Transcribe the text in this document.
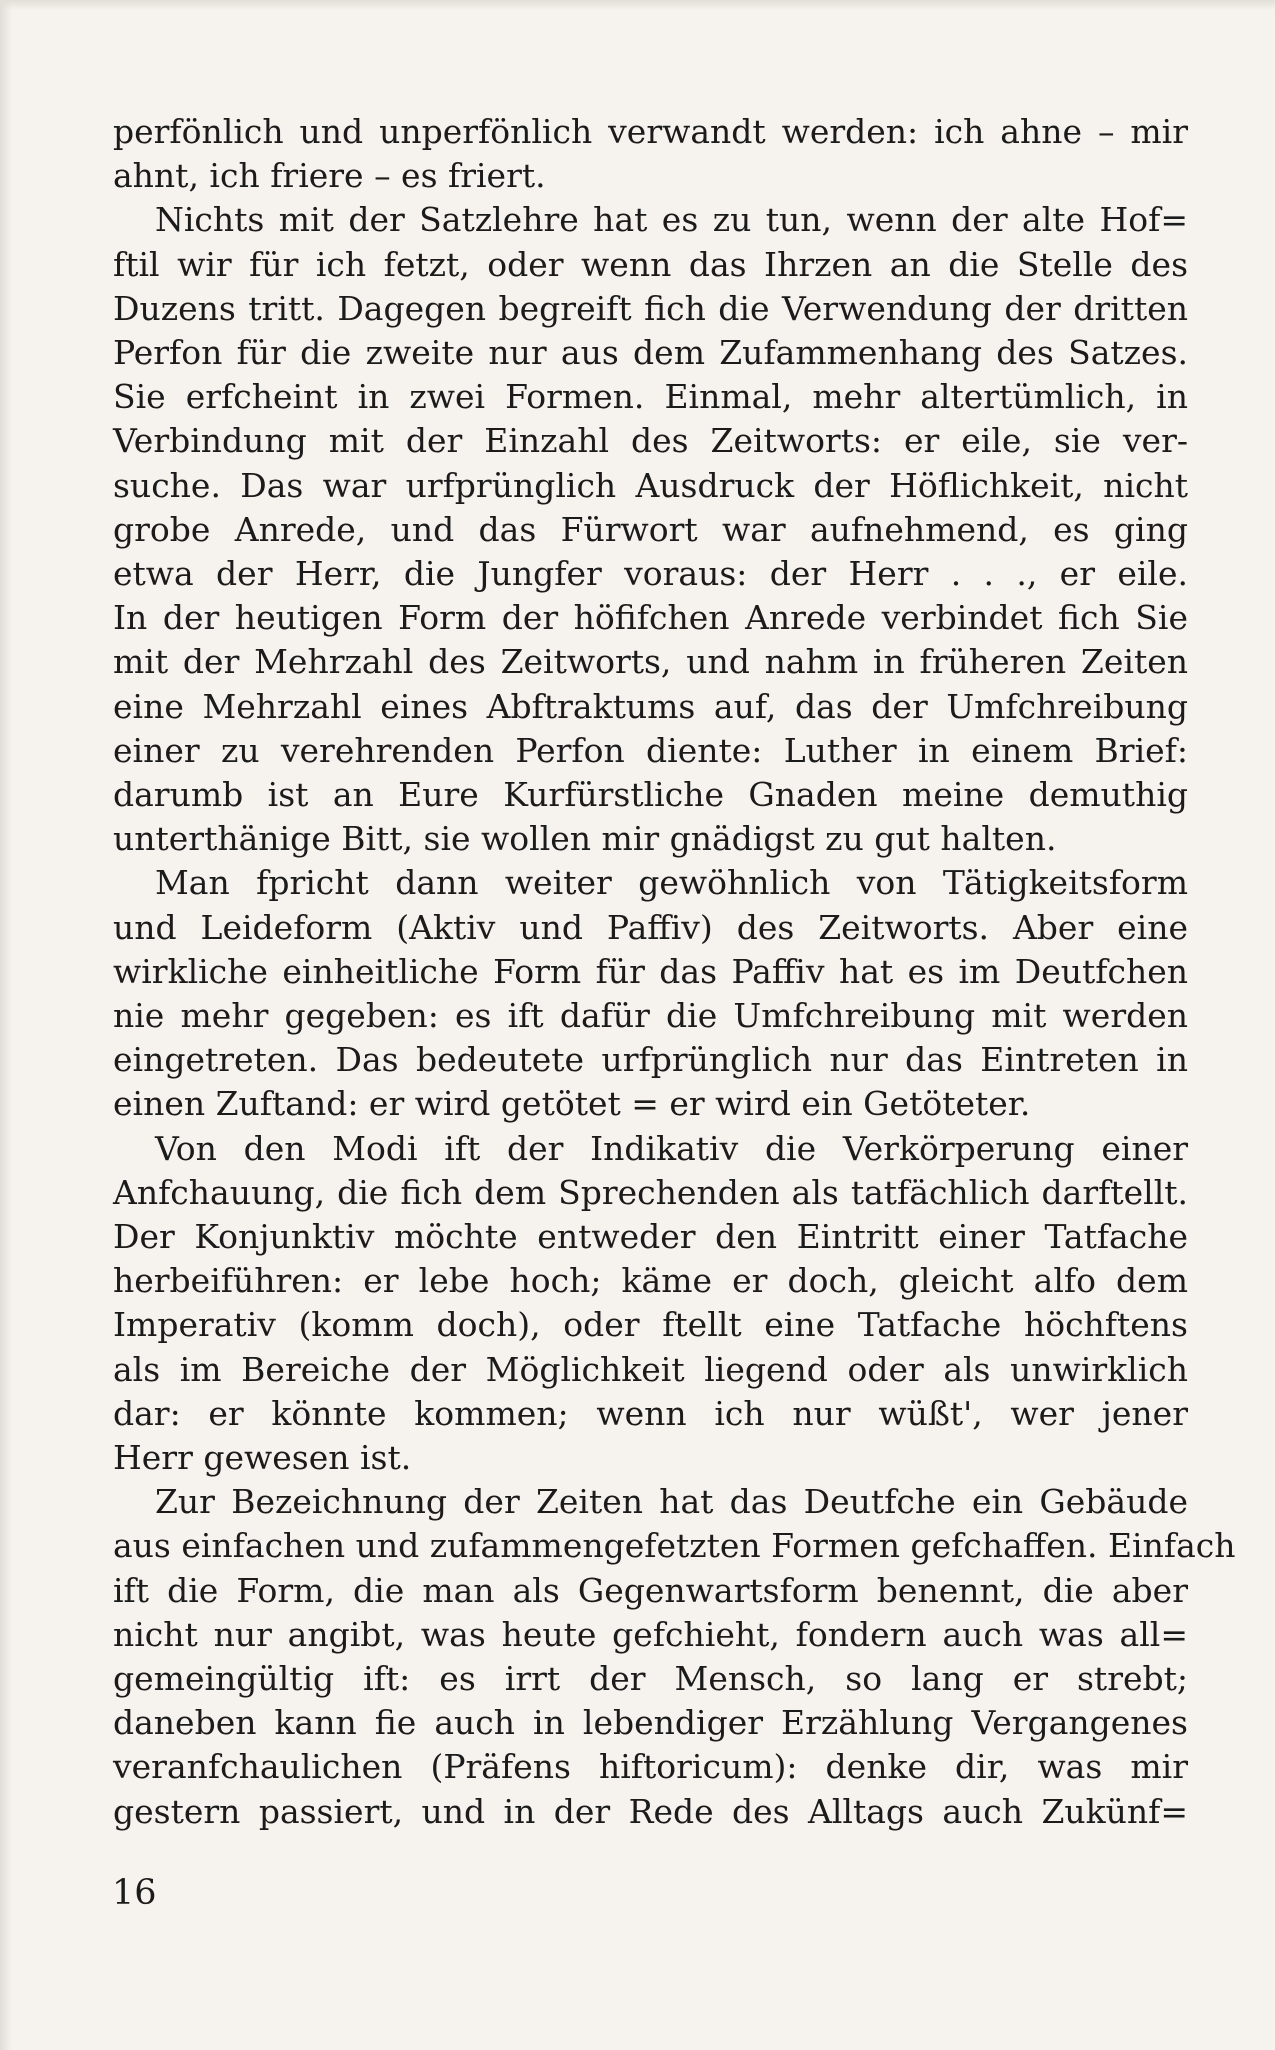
perfönlich und unperfönlich verwandt werden: ich ahne – mir
ahnt, ich friere – es friert.
Nichts mit der Satzlehre hat es zu tun, wenn der alte Hof=
ftil wir für ich fetzt, oder wenn das Ihrzen an die Stelle des
Duzens tritt. Dagegen begreift fich die Verwendung der dritten
Perfon für die zweite nur aus dem Zufammenhang des Satzes.
Sie erfcheint in zwei Formen. Einmal, mehr altertümlich, in
Verbindung mit der Einzahl des Zeitworts: er eile, sie ver-
suche. Das war urfprünglich Ausdruck der Höflichkeit, nicht
grobe Anrede, und das Fürwort war aufnehmend, es ging
etwa der Herr, die Jungfer voraus: der Herr . . ., er eile.
In der heutigen Form der höfifchen Anrede verbindet fich Sie
mit der Mehrzahl des Zeitworts, und nahm in früheren Zeiten
eine Mehrzahl eines Abftraktums auf, das der Umfchreibung
einer zu verehrenden Perfon diente: Luther in einem Brief:
darumb ist an Eure Kurfürstliche Gnaden meine demuthig
unterthänige Bitt, sie wollen mir gnädigst zu gut halten.
Man fpricht dann weiter gewöhnlich von Tätigkeitsform
und Leideform (Aktiv und Paffiv) des Zeitworts. Aber eine
wirkliche einheitliche Form für das Paffiv hat es im Deutfchen
nie mehr gegeben: es ift dafür die Umfchreibung mit werden
eingetreten. Das bedeutete urfprünglich nur das Eintreten in
einen Zuftand: er wird getötet = er wird ein Getöteter.
Von den Modi ift der Indikativ die Verkörperung einer
Anfchauung, die fich dem Sprechenden als tatfächlich darftellt.
Der Konjunktiv möchte entweder den Eintritt einer Tatfache
herbeiführen: er lebe hoch; käme er doch, gleicht alfo dem
Imperativ (komm doch), oder ftellt eine Tatfache höchftens
als im Bereiche der Möglichkeit liegend oder als unwirklich
dar: er könnte kommen; wenn ich nur wüßt', wer jener
Herr gewesen ist.
Zur Bezeichnung der Zeiten hat das Deutfche ein Gebäude
aus einfachen und zufammengefetzten Formen gefchaffen. Einfach
ift die Form, die man als Gegenwartsform benennt, die aber
nicht nur angibt, was heute gefchieht, fondern auch was all=
gemeingültig ift: es irrt der Mensch, so lang er strebt;
daneben kann fie auch in lebendiger Erzählung Vergangenes
veranfchaulichen (Präfens hiftoricum): denke dir, was mir
gestern passiert, und in der Rede des Alltags auch Zukünf=
16
